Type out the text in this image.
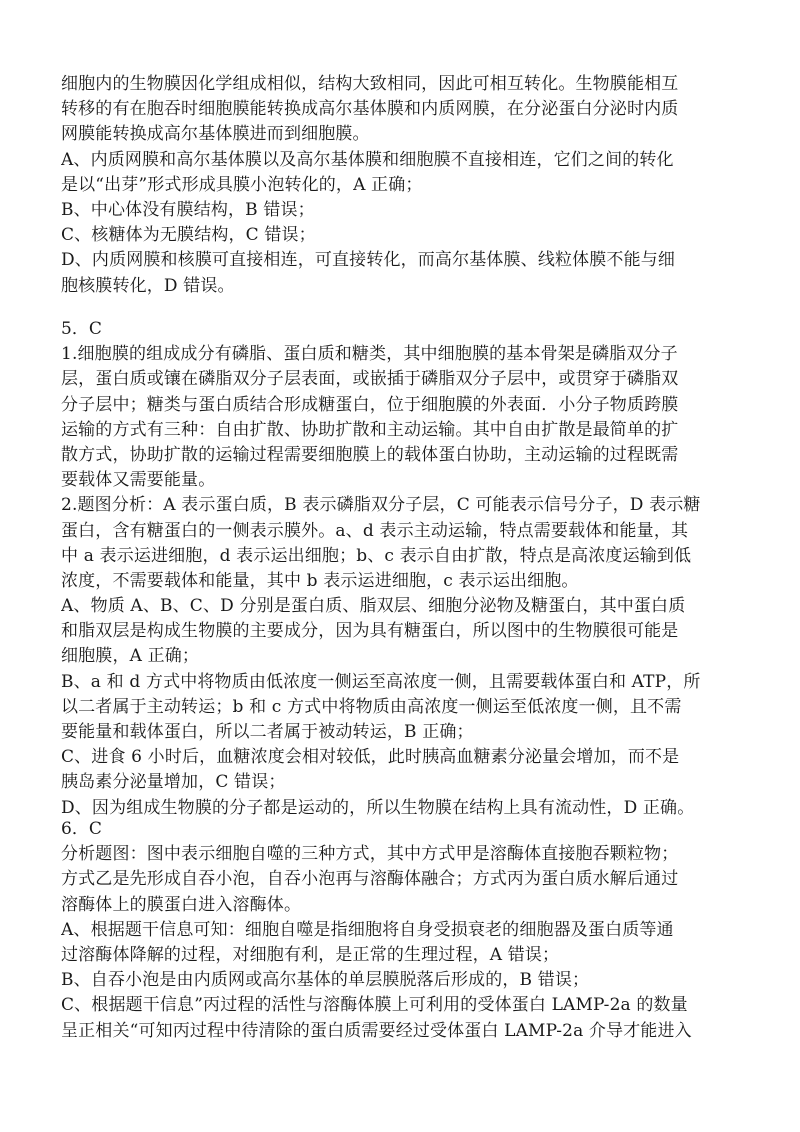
细胞内的生物膜因化学组成相似，结构大致相同，因此可相互转化。生物膜能相互
转移的有在胞吞时细胞膜能转换成高尔基体膜和内质网膜，在分泌蛋白分泌时内质
网膜能转换成高尔基体膜进而到细胞膜。
A、内质网膜和高尔基体膜以及高尔基体膜和细胞膜不直接相连，它们之间的转化
是以“出芽”形式形成具膜小泡转化的，A 正确；
B、中心体没有膜结构，B 错误；
C、核糖体为无膜结构，C 错误；
D、内质网膜和核膜可直接相连，可直接转化，而高尔基体膜、线粒体膜不能与细
胞核膜转化，D 错误。
5．C
1.细胞膜的组成成分有磷脂、蛋白质和糖类，其中细胞膜的基本骨架是磷脂双分子
层，蛋白质或镶在磷脂双分子层表面，或嵌插于磷脂双分子层中，或贯穿于磷脂双
分子层中；糖类与蛋白质结合形成糖蛋白，位于细胞膜的外表面．小分子物质跨膜
运输的方式有三种：自由扩散、协助扩散和主动运输。其中自由扩散是最简单的扩
散方式，协助扩散的运输过程需要细胞膜上的载体蛋白协助，主动运输的过程既需
要载体又需要能量。
2.题图分析：A 表示蛋白质，B 表示磷脂双分子层，C 可能表示信号分子，D 表示糖
蛋白，含有糖蛋白的一侧表示膜外。a、d 表示主动运输，特点需要载体和能量，其
中 a 表示运进细胞，d 表示运出细胞；b、c 表示自由扩散，特点是高浓度运输到低
浓度，不需要载体和能量，其中 b 表示运进细胞，c 表示运出细胞。
A、物质 A、B、C、D 分别是蛋白质、脂双层、细胞分泌物及糖蛋白，其中蛋白质
和脂双层是构成生物膜的主要成分，因为具有糖蛋白，所以图中的生物膜很可能是
细胞膜，A 正确；
B、a 和 d 方式中将物质由低浓度一侧运至高浓度一侧，且需要载体蛋白和 ATP，所
以二者属于主动转运；b 和 c 方式中将物质由高浓度一侧运至低浓度一侧，且不需
要能量和载体蛋白，所以二者属于被动转运，B 正确；
C、进食 6 小时后，血糖浓度会相对较低，此时胰高血糖素分泌量会增加，而不是
胰岛素分泌量增加，C 错误；
D、因为组成生物膜的分子都是运动的，所以生物膜在结构上具有流动性，D 正确。
6．C
分析题图：图中表示细胞自噬的三种方式，其中方式甲是溶酶体直接胞吞颗粒物；
方式乙是先形成自吞小泡，自吞小泡再与溶酶体融合；方式丙为蛋白质水解后通过
溶酶体上的膜蛋白进入溶酶体。
A、根据题干信息可知：细胞自噬是指细胞将自身受损衰老的细胞器及蛋白质等通
过溶酶体降解的过程，对细胞有利，是正常的生理过程，A 错误；
B、自吞小泡是由内质网或高尔基体的单层膜脱落后形成的，B 错误；
C、根据题干信息”丙过程的活性与溶酶体膜上可利用的受体蛋白 LAMP-2a 的数量
呈正相关“可知丙过程中待清除的蛋白质需要经过受体蛋白 LAMP-2a 介导才能进入
